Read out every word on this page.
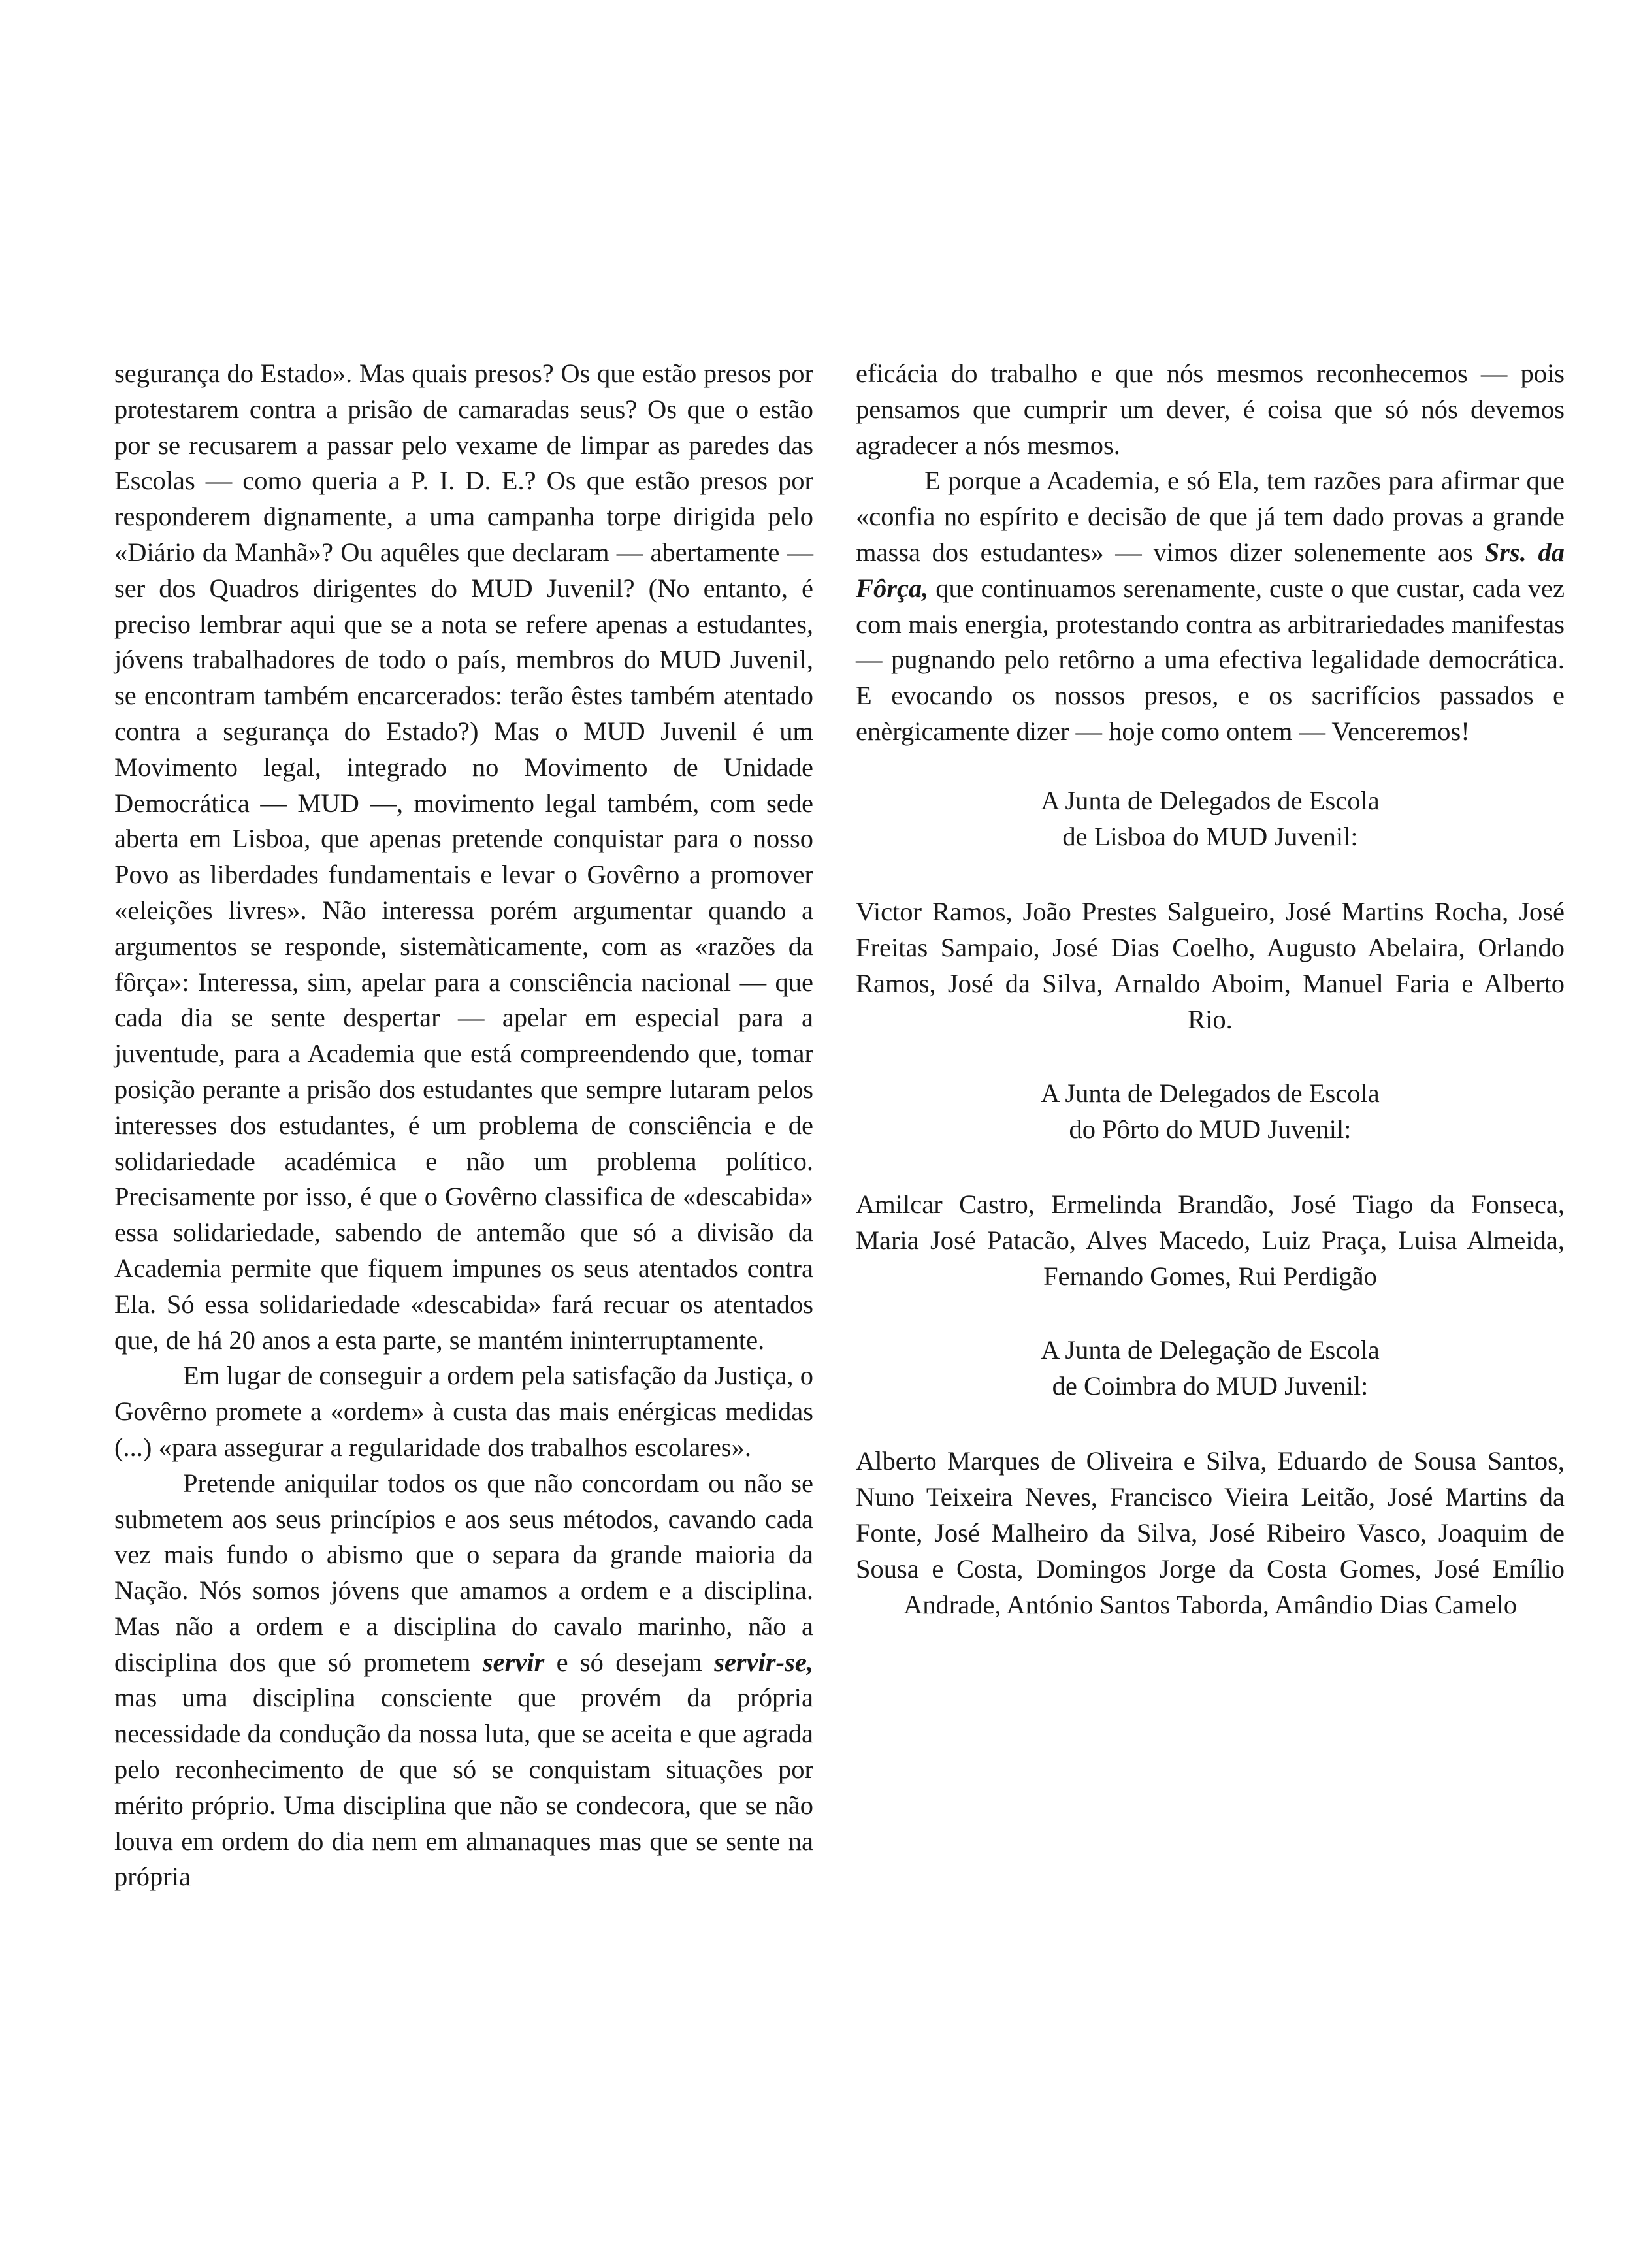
segurança do Estado». Mas quais presos? Os que estão presos por protestarem contra a prisão de camaradas seus? Os que o estão por se recusarem a passar pelo vexame de limpar as paredes das Escolas — como queria a P. I. D. E.? Os que estão presos por responderem dignamente, a uma campanha torpe dirigida pelo «Diário da Manhã»? Ou aquêles que declaram — abertamente — ser dos Quadros dirigentes do MUD Juvenil? (No entanto, é preciso lembrar aqui que se a nota se refere apenas a estudantes, jóvens trabalhadores de todo o país, membros do MUD Juvenil, se encontram também encarcerados: terão êstes também atentado contra a segurança do Estado?) Mas o MUD Juvenil é um Movimento legal, integrado no Movimento de Unidade Democrática — MUD —, movimento legal também, com sede aberta em Lisboa, que apenas pretende conquistar para o nosso Povo as liberdades fundamentais e levar o Govêrno a promover «eleições livres». Não interessa porém argumentar quando a argumentos se responde, sistemàticamente, com as «razões da fôrça»: Interessa, sim, apelar para a consciência nacional — que cada dia se sente despertar — apelar em especial para a juventude, para a Academia que está compreendendo que, tomar posição perante a prisão dos estudantes que sempre lutaram pelos interesses dos estudantes, é um problema de consciência e de solidariedade académica e não um problema político. Precisamente por isso, é que o Govêrno classifica de «descabida» essa solidariedade, sabendo de antemão que só a divisão da Academia permite que fiquem impunes os seus atentados contra Ela. Só essa solidariedade «descabida» fará recuar os atentados que, de há 20 anos a esta parte, se mantém ininterruptamente.

Em lugar de conseguir a ordem pela satisfação da Justiça, o Govêrno promete a «ordem» à custa das mais enérgicas medidas (...) «para assegurar a regularidade dos trabalhos escolares».

Pretende aniquilar todos os que não concordam ou não se submetem aos seus princípios e aos seus métodos, cavando cada vez mais fundo o abismo que o separa da grande maioria da Nação. Nós somos jóvens que amamos a ordem e a disciplina. Mas não a ordem e a disciplina do cavalo marinho, não a disciplina dos que só prometem servir e só desejam servir-se, mas uma disciplina consciente que provém da própria necessidade da condução da nossa luta, que se aceita e que agrada pelo reconhecimento de que só se conquistam situações por mérito próprio. Uma disciplina que não se condecora, que se não louva em ordem do dia nem em almanaques mas que se sente na própria

eficácia do trabalho e que nós mesmos reconhecemos — pois pensamos que cumprir um dever, é coisa que só nós devemos agradecer a nós mesmos.

E porque a Academia, e só Ela, tem razões para afirmar que «confia no espírito e decisão de que já tem dado provas a grande massa dos estudantes» — vimos dizer solenemente aos Srs. da Fôrça, que continuamos serenamente, custe o que custar, cada vez com mais energia, protestando contra as arbitrariedades manifestas — pugnando pelo retôrno a uma efectiva legalidade democrática. E evocando os nossos presos, e os sacrifícios passados e enèrgicamente dizer — hoje como ontem — Venceremos!

A Junta de Delegados de Escola
de Lisboa do MUD Juvenil:
Victor Ramos, João Prestes Salgueiro, José Martins Rocha, José Freitas Sampaio, José Dias Coelho, Augusto Abelaira, Orlando Ramos, José da Silva, Arnaldo Aboim, Manuel Faria e Alberto Rio.
A Junta de Delegados de Escola
do Pôrto do MUD Juvenil:
Amilcar Castro, Ermelinda Brandão, José Tiago da Fonseca, Maria José Patacão, Alves Macedo, Luiz Praça, Luisa Almeida, Fernando Gomes, Rui Perdigão
A Junta de Delegação de Escola
de Coimbra do MUD Juvenil:
Alberto Marques de Oliveira e Silva, Eduardo de Sousa Santos, Nuno Teixeira Neves, Francisco Vieira Leitão, José Martins da Fonte, José Malheiro da Silva, José Ribeiro Vasco, Joaquim de Sousa e Costa, Domingos Jorge da Costa Gomes, José Emílio Andrade, António Santos Taborda, Amândio Dias Camelo
